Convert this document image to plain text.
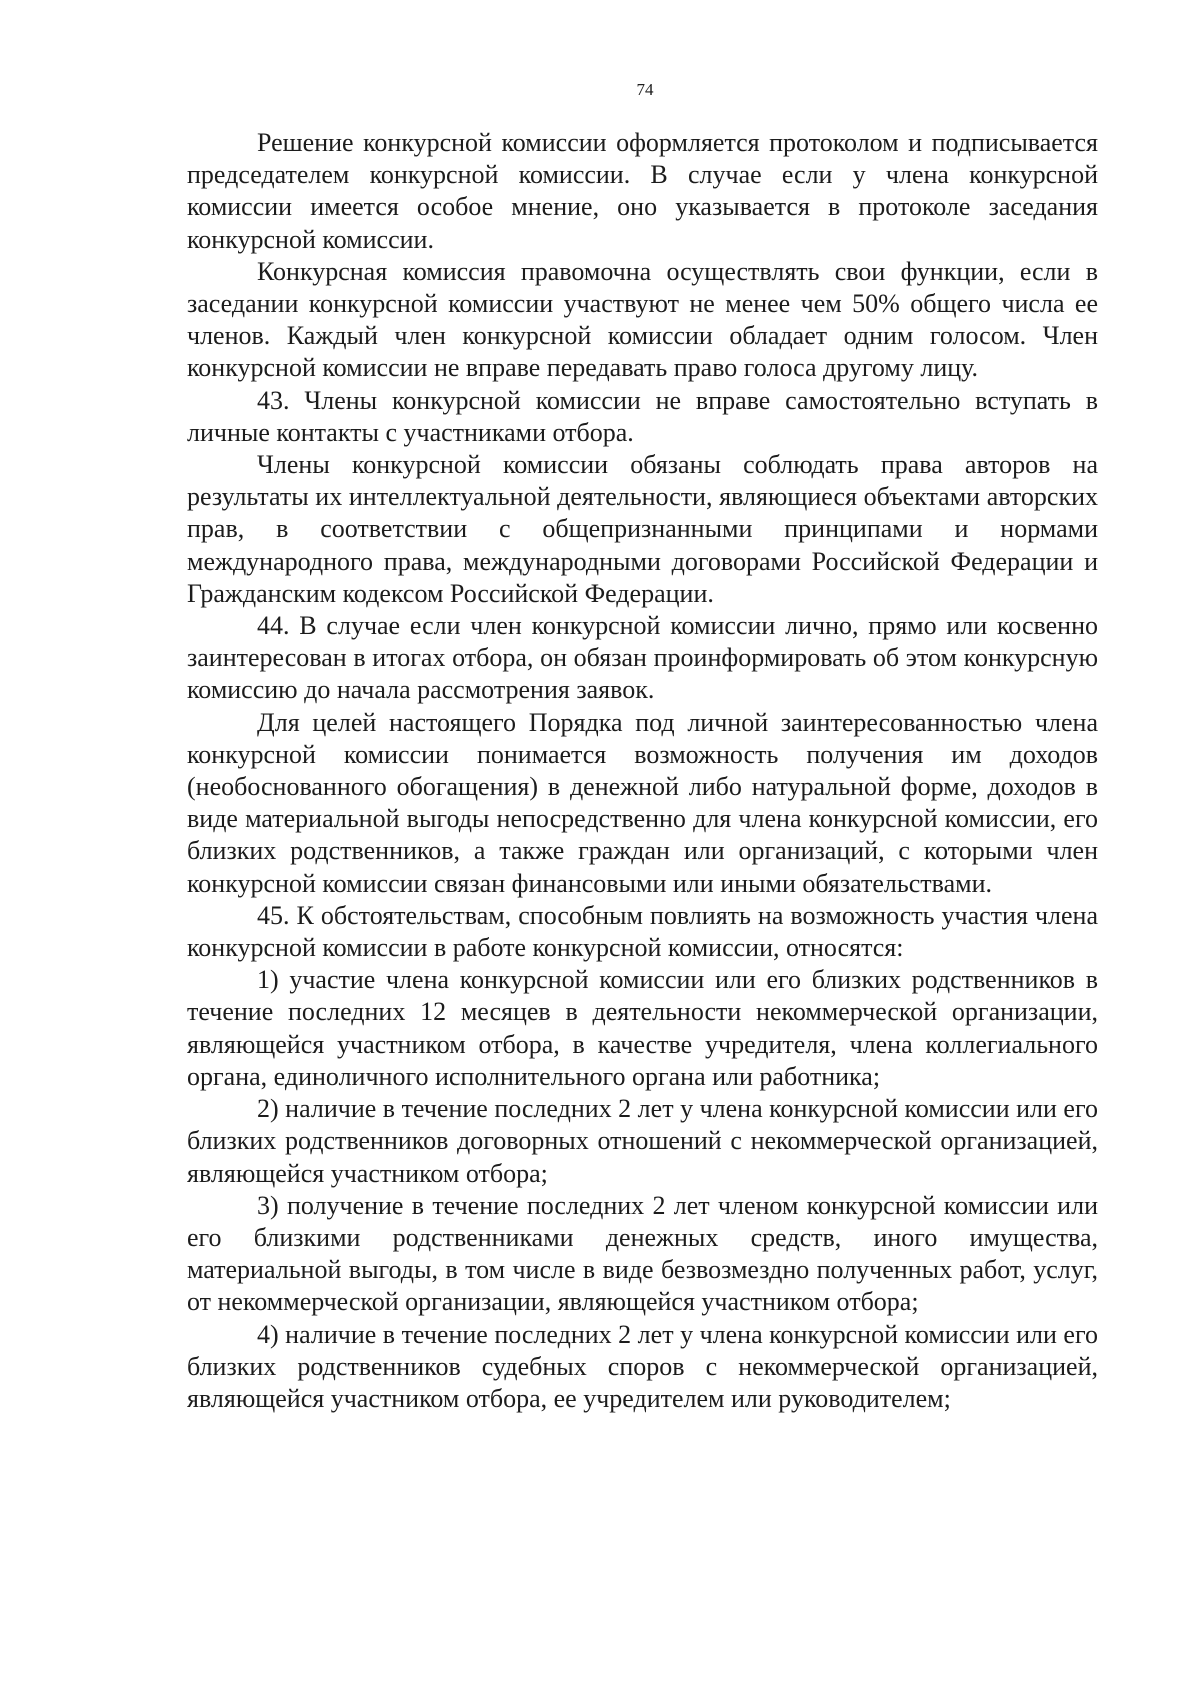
74

Решение конкурсной комиссии оформляется протоколом и подписывается председателем конкурсной комиссии. В случае если у члена конкурсной комиссии имеется особое мнение, оно указывается в протоколе заседания конкурсной комиссии.

Конкурсная комиссия правомочна осуществлять свои функции, если в заседании конкурсной комиссии участвуют не менее чем 50% общего числа ее членов. Каждый член конкурсной комиссии обладает одним голосом. Член конкурсной комиссии не вправе передавать право голоса другому лицу.

43. Члены конкурсной комиссии не вправе самостоятельно вступать в личные контакты с участниками отбора.

Члены конкурсной комиссии обязаны соблюдать права авторов на результаты их интеллектуальной деятельности, являющиеся объектами авторских прав, в соответствии с общепризнанными принципами и нормами международного права, международными договорами Российской Федерации и Гражданским кодексом Российской Федерации.

44. В случае если член конкурсной комиссии лично, прямо или косвенно заинтересован в итогах отбора, он обязан проинформировать об этом конкурсную комиссию до начала рассмотрения заявок.

Для целей настоящего Порядка под личной заинтересованностью члена конкурсной комиссии понимается возможность получения им доходов (необоснованного обогащения) в денежной либо натуральной форме, доходов в виде материальной выгоды непосредственно для члена конкурсной комиссии, его близких родственников, а также граждан или организаций, с которыми член конкурсной комиссии связан финансовыми или иными обязательствами.

45. К обстоятельствам, способным повлиять на возможность участия члена конкурсной комиссии в работе конкурсной комиссии, относятся:

1) участие члена конкурсной комиссии или его близких родственников в течение последних 12 месяцев в деятельности некоммерческой организации, являющейся участником отбора, в качестве учредителя, члена коллегиального органа, единоличного исполнительного органа или работника;

2) наличие в течение последних 2 лет у члена конкурсной комиссии или его близких родственников договорных отношений с некоммерческой организацией, являющейся участником отбора;

3) получение в течение последних 2 лет членом конкурсной комиссии или его близкими родственниками денежных средств, иного имущества, материальной выгоды, в том числе в виде безвозмездно полученных работ, услуг, от некоммерческой организации, являющейся участником отбора;

4) наличие в течение последних 2 лет у члена конкурсной комиссии или его близких родственников судебных споров с некоммерческой организацией, являющейся участником отбора, ее учредителем или руководителем;
